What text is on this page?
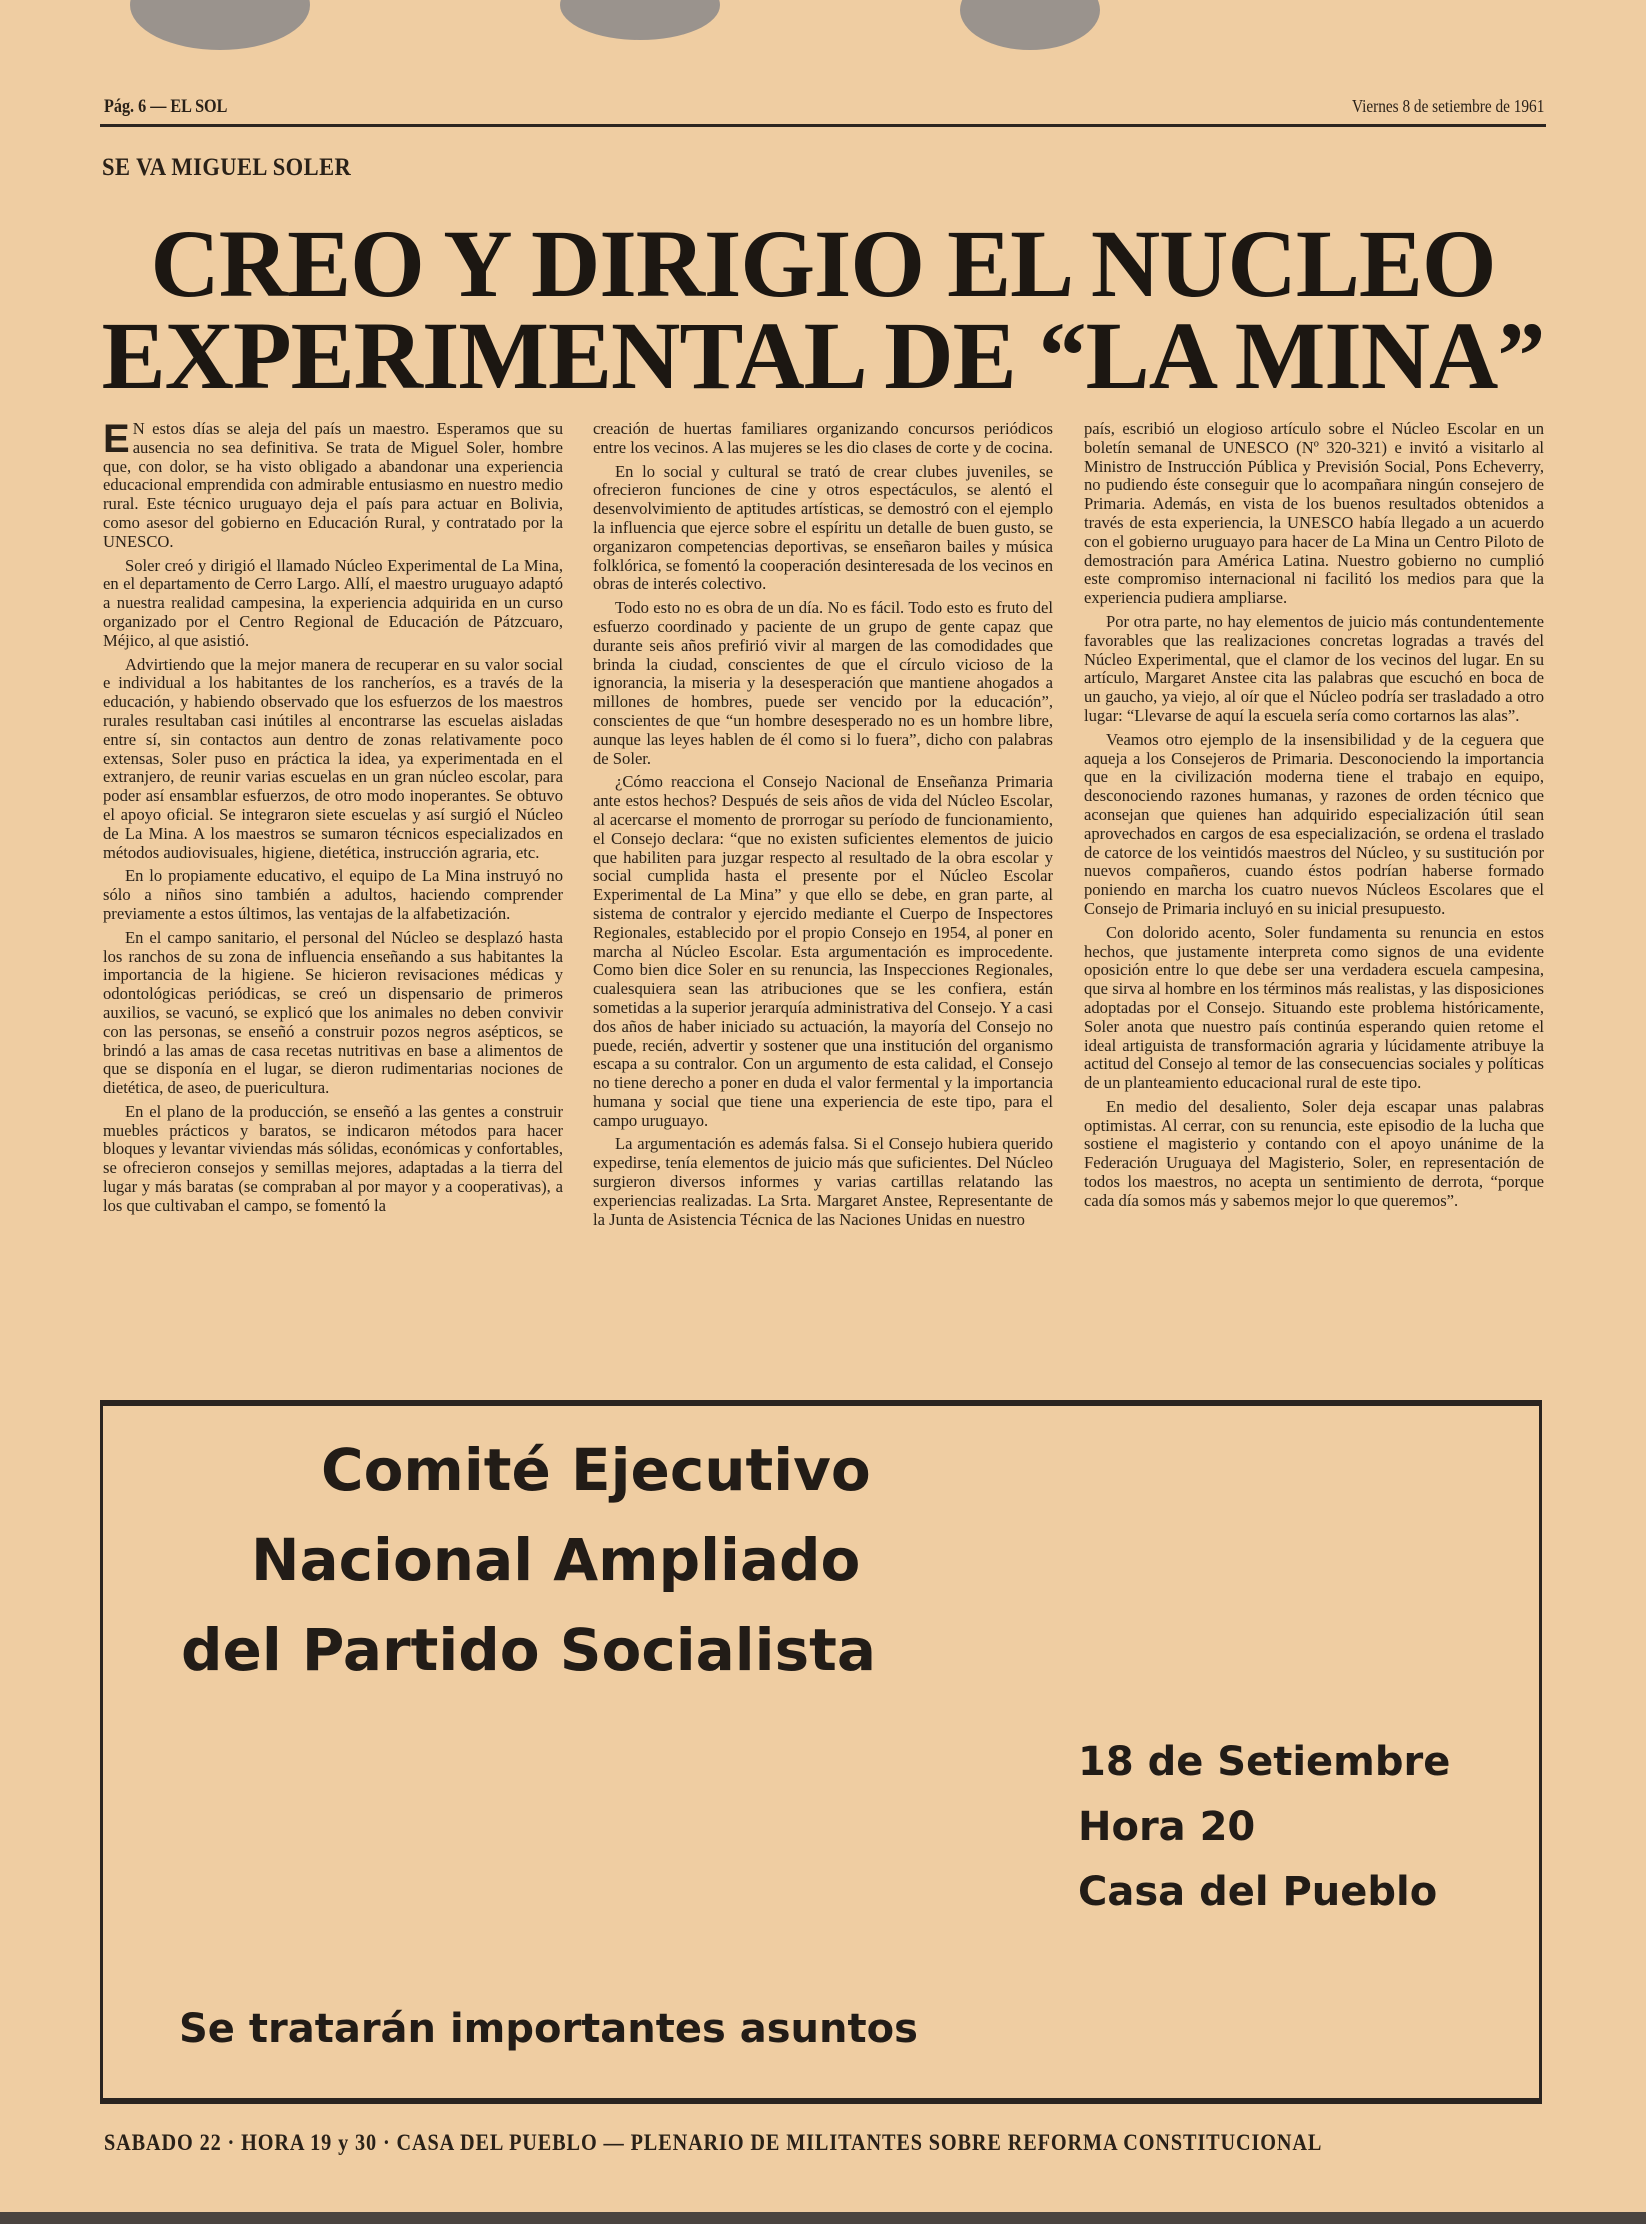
Pág. 6 — EL SOL	Viernes 8 de setiembre de 1961
SE VA MIGUEL SOLER
CREO Y DIRIGIO EL NUCLEO
EXPERIMENTAL DE “LA MINA”

E N estos días se aleja del país un maestro. Esperamos que su ausencia no sea definitiva. Se trata de Miguel Soler, hombre que, con dolor, se ha visto obligado a abandonar una experiencia educacional emprendida con admirable entusiasmo en nuestro medio rural. Este técnico uruguayo deja el país para actuar en Bolivia, como asesor del gobierno en Educación Rural, y contratado por la UNESCO.

Soler creó y dirigió el llamado Núcleo Experimental de La Mina, en el departamento de Cerro Largo. Allí, el maestro uruguayo adaptó a nuestra realidad campesina, la experiencia adquirida en un curso organizado por el Centro Regional de Educación de Pátzcuaro, Méjico, al que asistió.

Advirtiendo que la mejor manera de recuperar en su valor social e individual a los habitantes de los rancheríos, es a través de la educación, y habiendo observado que los esfuerzos de los maestros rurales resultaban casi inútiles al encontrarse las escuelas aisladas entre sí, sin contactos aun dentro de zonas relativamente poco extensas, Soler puso en práctica la idea, ya experimentada en el extranjero, de reunir varias escuelas en un gran núcleo escolar, para poder así ensamblar esfuerzos, de otro modo inoperantes. Se obtuvo el apoyo oficial. Se integraron siete escuelas y así surgió el Núcleo de La Mina. A los maestros se sumaron técnicos especializados en métodos audiovisuales, higiene, dietética, instrucción agraria, etc.

En lo propiamente educativo, el equipo de La Mina instruyó no sólo a niños sino también a adultos, haciendo comprender previamente a estos últimos, las ventajas de la alfabetización.

En el campo sanitario, el personal del Núcleo se desplazó hasta los ranchos de su zona de influencia enseñando a sus habitantes la importancia de la higiene. Se hicieron revisaciones médicas y odontológicas periódicas, se creó un dispensario de primeros auxilios, se vacunó, se explicó que los animales no deben convivir con las personas, se enseñó a construir pozos negros asépticos, se brindó a las amas de casa recetas nutritivas en base a alimentos de que se disponía en el lugar, se dieron rudimentarias nociones de dietética, de aseo, de puericultura.

En el plano de la producción, se enseñó a las gentes a construir muebles prácticos y baratos, se indicaron métodos para hacer bloques y levantar viviendas más sólidas, económicas y confortables, se ofrecieron consejos y semillas mejores, adaptadas a la tierra del lugar y más baratas (se compraban al por mayor y a cooperativas), a los que cultivaban el campo, se fomentó la

creación de huertas familiares organizando concursos periódicos entre los vecinos. A las mujeres se les dio clases de corte y de cocina.

En lo social y cultural se trató de crear clubes juveniles, se ofrecieron funciones de cine y otros espectáculos, se alentó el desenvolvimiento de aptitudes artísticas, se demostró con el ejemplo la influencia que ejerce sobre el espíritu un detalle de buen gusto, se organizaron competencias deportivas, se enseñaron bailes y música folklórica, se fomentó la cooperación desinteresada de los vecinos en obras de interés colectivo.

Todo esto no es obra de un día. No es fácil. Todo esto es fruto del esfuerzo coordinado y paciente de un grupo de gente capaz que durante seis años prefirió vivir al margen de las comodidades que brinda la ciudad, conscientes de que el círculo vicioso de la ignorancia, la miseria y la desesperación que mantiene ahogados a millones de hombres, puede ser vencido por la educación”, conscientes de que “un hombre desesperado no es un hombre libre, aunque las leyes hablen de él como si lo fuera”, dicho con palabras de Soler.

¿Cómo reacciona el Consejo Nacional de Enseñanza Primaria ante estos hechos? Después de seis años de vida del Núcleo Escolar, al acercarse el momento de prorrogar su período de funcionamiento, el Consejo declara: “que no existen suficientes elementos de juicio que habiliten para juzgar respecto al resultado de la obra escolar y social cumplida hasta el presente por el Núcleo Escolar Experimental de La Mina” y que ello se debe, en gran parte, al sistema de contralor y ejercido mediante el Cuerpo de Inspectores Regionales, establecido por el propio Consejo en 1954, al poner en marcha al Núcleo Escolar. Esta argumentación es improcedente. Como bien dice Soler en su renuncia, las Inspecciones Regionales, cualesquiera sean las atribuciones que se les confiera, están sometidas a la superior jerarquía administrativa del Consejo. Y a casi dos años de haber iniciado su actuación, la mayoría del Consejo no puede, recién, advertir y sostener que una institución del organismo escapa a su contralor. Con un argumento de esta calidad, el Consejo no tiene derecho a poner en duda el valor fermental y la importancia humana y social que tiene una experiencia de este tipo, para el campo uruguayo.

La argumentación es además falsa. Si el Consejo hubiera querido expedirse, tenía elementos de juicio más que suficientes. Del Núcleo surgieron diversos informes y varias cartillas relatando las experiencias realizadas. La Srta. Margaret Anstee, Representante de la Junta de Asistencia Técnica de las Naciones Unidas en nuestro

país, escribió un elogioso artículo sobre el Núcleo Escolar en un boletín semanal de UNESCO (Nº 320-321) e invitó a visitarlo al Ministro de Instrucción Pública y Previsión Social, Pons Echeverry, no pudiendo éste conseguir que lo acompañara ningún consejero de Primaria. Además, en vista de los buenos resultados obtenidos a través de esta experiencia, la UNESCO había llegado a un acuerdo con el gobierno uruguayo para hacer de La Mina un Centro Piloto de demostración para América Latina. Nuestro gobierno no cumplió este compromiso internacional ni facilitó los medios para que la experiencia pudiera ampliarse.

Por otra parte, no hay elementos de juicio más contundentemente favorables que las realizaciones concretas logradas a través del Núcleo Experimental, que el clamor de los vecinos del lugar. En su artículo, Margaret Anstee cita las palabras que escuchó en boca de un gaucho, ya viejo, al oír que el Núcleo podría ser trasladado a otro lugar: “Llevarse de aquí la escuela sería como cortarnos las alas”.

Veamos otro ejemplo de la insensibilidad y de la ceguera que aqueja a los Consejeros de Primaria. Desconociendo la importancia que en la civilización moderna tiene el trabajo en equipo, desconociendo razones humanas, y razones de orden técnico que aconsejan que quienes han adquirido especialización útil sean aprovechados en cargos de esa especialización, se ordena el traslado de catorce de los veintidós maestros del Núcleo, y su sustitución por nuevos compañeros, cuando éstos podrían haberse formado poniendo en marcha los cuatro nuevos Núcleos Escolares que el Consejo de Primaria incluyó en su inicial presupuesto.

Con dolorido acento, Soler fundamenta su renuncia en estos hechos, que justamente interpreta como signos de una evidente oposición entre lo que debe ser una verdadera escuela campesina, que sirva al hombre en los términos más realistas, y las disposiciones adoptadas por el Consejo. Situando este problema históricamente, Soler anota que nuestro país continúa esperando quien retome el ideal artiguista de transformación agraria y lúcidamente atribuye la actitud del Consejo al temor de las consecuencias sociales y políticas de un planteamiento educacional rural de este tipo.

En medio del desaliento, Soler deja escapar unas palabras optimistas. Al cerrar, con su renuncia, este episodio de la lucha que sostiene el magisterio y contando con el apoyo unánime de la Federación Uruguaya del Magisterio, Soler, en representación de todos los maestros, no acepta un sentimiento de derrota, “porque cada día somos más y sabemos mejor lo que queremos”.

Comité Ejecutivo
Nacional Ampliado
del Partido Socialista
18 de Setiembre
Hora 20
Casa del Pueblo
Se tratarán importantes asuntos
SABADO 22 · HORA 19 y 30 · CASA DEL PUEBLO — PLENARIO DE MILITANTES SOBRE REFORMA CONSTITUCIONAL
